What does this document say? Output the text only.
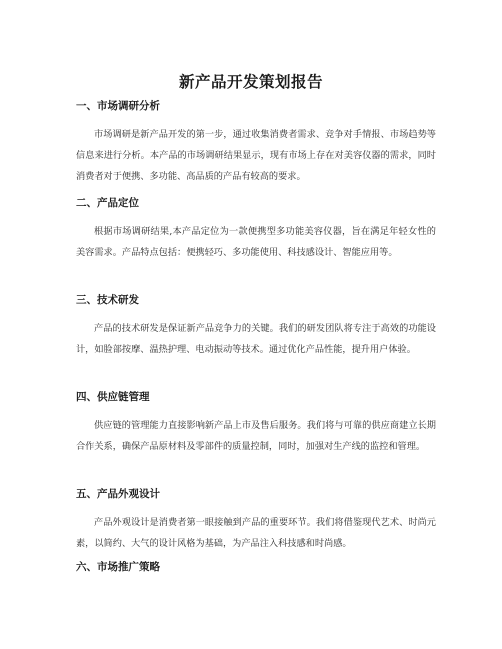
新产品开发策划报告
一、市场调研分析

市场调研是新产品开发的第一步，通过收集消费者需求、竞争对手情报、市场趋势等信息来进行分析。本产品的市场调研结果显示，现有市场上存在对美容仪器的需求，同时消费者对于便携、多功能、高品质的产品有较高的要求。

二、产品定位

根据市场调研结果,本产品定位为一款便携型多功能美容仪器，旨在满足年轻女性的美容需求。产品特点包括：便携轻巧、多功能使用、科技感设计、智能应用等。

三、技术研发

产品的技术研发是保证新产品竞争力的关键。我们的研发团队将专注于高效的功能设计，如脸部按摩、温热护理、电动振动等技术。通过优化产品性能，提升用户体验。

四、供应链管理

供应链的管理能力直接影响新产品上市及售后服务。我们将与可靠的供应商建立长期合作关系，确保产品原材料及零部件的质量控制，同时，加强对生产线的监控和管理。

五、产品外观设计

产品外观设计是消费者第一眼接触到产品的重要环节。我们将借鉴现代艺术、时尚元素，以简约、大气的设计风格为基础，为产品注入科技感和时尚感。

六、市场推广策略
